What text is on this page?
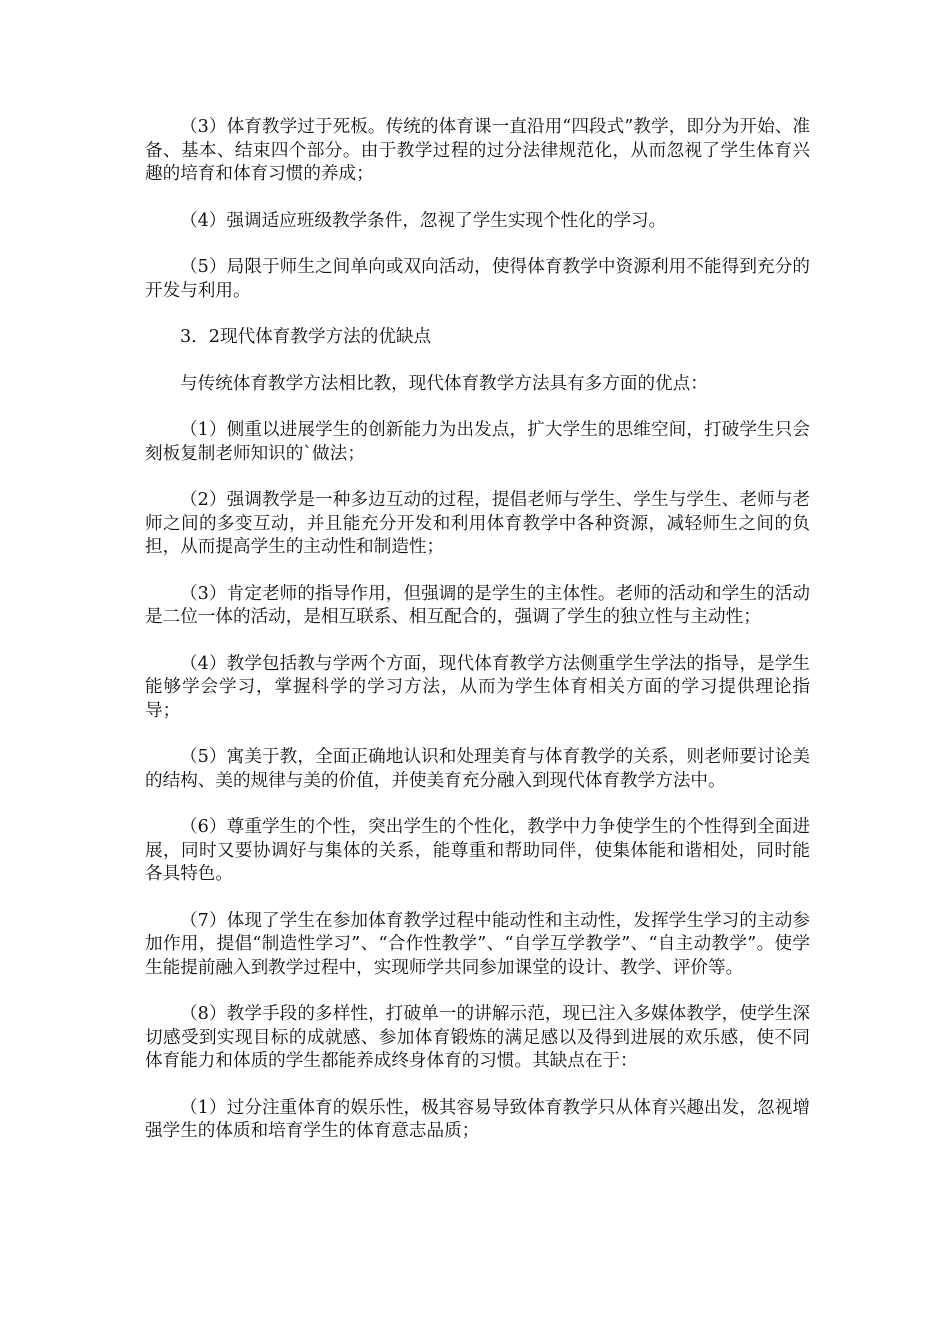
（3）体育教学过于死板。传统的体育课一直沿用“四段式”教学，即分为开始、准备、基本、结束四个部分。由于教学过程的过分法律规范化，从而忽视了学生体育兴趣的培育和体育习惯的养成；

（4）强调适应班级教学条件，忽视了学生实现个性化的学习。

（5）局限于师生之间单向或双向活动，使得体育教学中资源利用不能得到充分的开发与利用。

3．2现代体育教学方法的优缺点

与传统体育教学方法相比教，现代体育教学方法具有多方面的优点：

（1）侧重以进展学生的创新能力为出发点，扩大学生的思维空间，打破学生只会刻板复制老师知识的`做法；

（2）强调教学是一种多边互动的过程，提倡老师与学生、学生与学生、老师与老师之间的多变互动，并且能充分开发和利用体育教学中各种资源，减轻师生之间的负担，从而提高学生的主动性和制造性；

（3）肯定老师的指导作用，但强调的是学生的主体性。老师的活动和学生的活动是二位一体的活动，是相互联系、相互配合的，强调了学生的独立性与主动性；

（4）教学包括教与学两个方面，现代体育教学方法侧重学生学法的指导，是学生能够学会学习，掌握科学的学习方法，从而为学生体育相关方面的学习提供理论指导；

（5）寓美于教，全面正确地认识和处理美育与体育教学的关系，则老师要讨论美的结构、美的规律与美的价值，并使美育充分融入到现代体育教学方法中。

（6）尊重学生的个性，突出学生的个性化，教学中力争使学生的个性得到全面进展，同时又要协调好与集体的关系，能尊重和帮助同伴，使集体能和谐相处，同时能各具特色。

（7）体现了学生在参加体育教学过程中能动性和主动性，发挥学生学习的主动参加作用，提倡“制造性学习”、“合作性教学”、“自学互学教学”、“自主动教学”。使学生能提前融入到教学过程中，实现师学共同参加课堂的设计、教学、评价等。

（8）教学手段的多样性，打破单一的讲解示范，现已注入多媒体教学，使学生深切感受到实现目标的成就感、参加体育锻炼的满足感以及得到进展的欢乐感，使不同体育能力和体质的学生都能养成终身体育的习惯。其缺点在于：

（1）过分注重体育的娱乐性，极其容易导致体育教学只从体育兴趣出发，忽视增强学生的体质和培育学生的体育意志品质；
